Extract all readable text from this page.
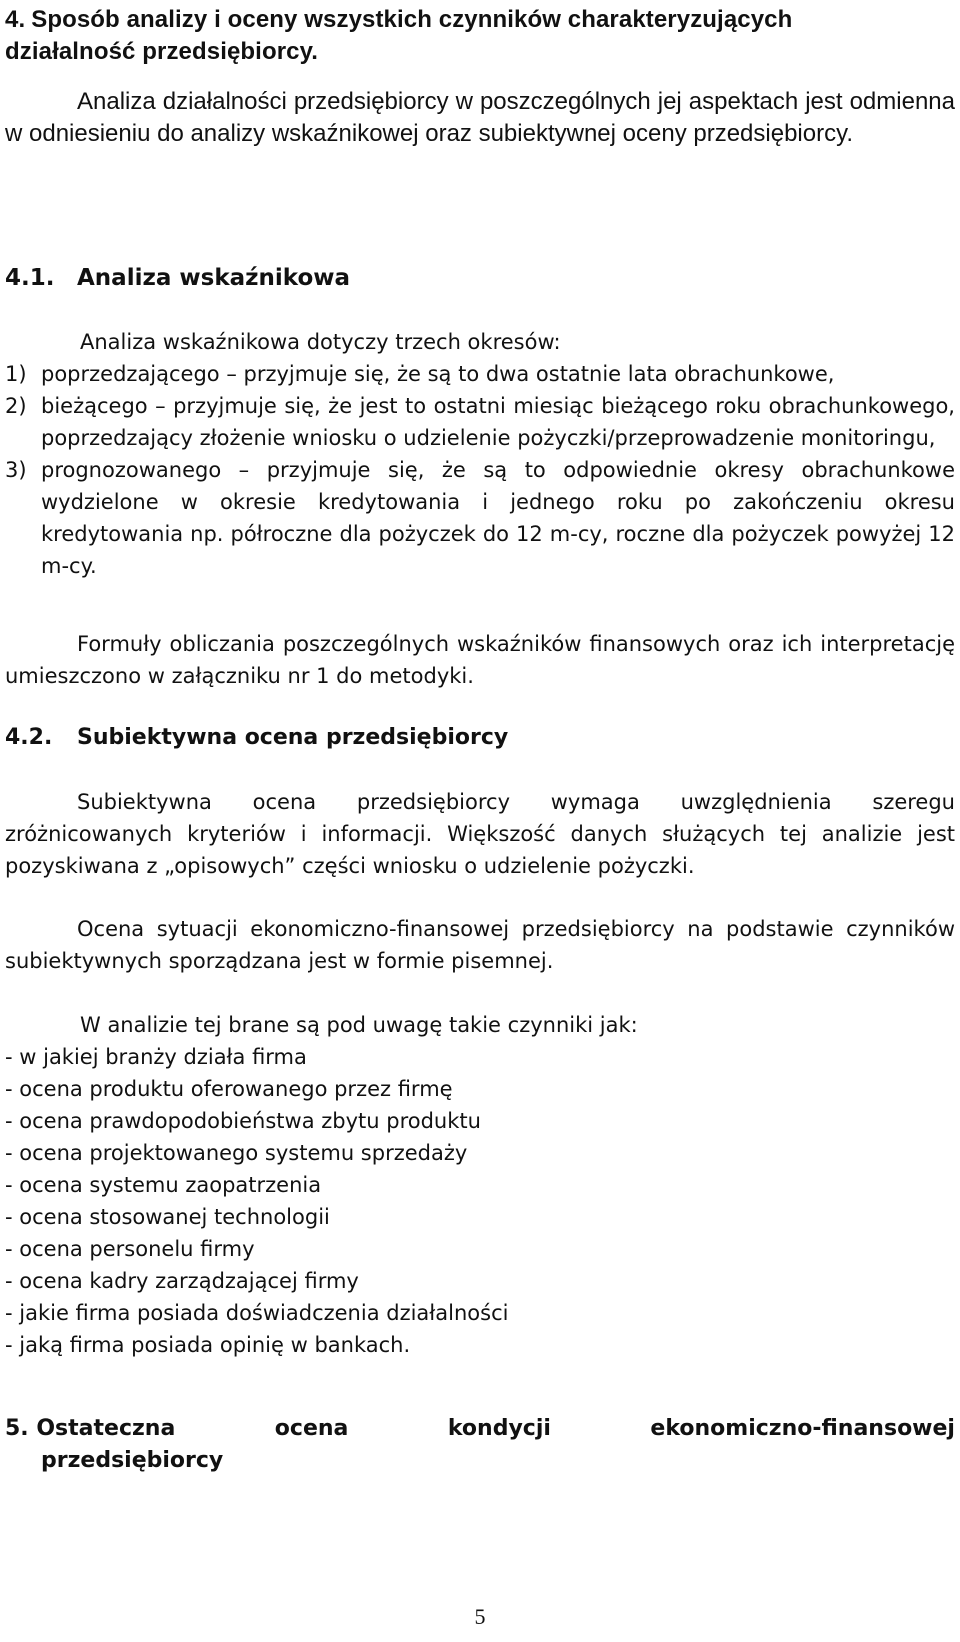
4. Sposób analizy i oceny wszystkich czynników charakteryzujących
działalność przedsiębiorcy.

Analiza działalności przedsiębiorcy w poszczególnych jej aspektach jest odmienna w odniesieniu do analizy wskaźnikowej oraz subiektywnej oceny przedsiębiorcy.

4.1. Analiza wskaźnikowa
Analiza wskaźnikowa dotyczy trzech okresów:
1) poprzedzającego – przyjmuje się, że są to dwa ostatnie lata obrachunkowe,
2) bieżącego – przyjmuje się, że jest to ostatni miesiąc bieżącego roku obrachunkowego, poprzedzający złożenie wniosku o udzielenie pożyczki/przeprowadzenie monitoringu,
3) prognozowanego – przyjmuje się, że są to odpowiednie okresy obrachunkowe wydzielone w okresie kredytowania i jednego roku po zakończeniu okresu kredytowania np. półroczne dla pożyczek do 12 m-cy, roczne dla pożyczek powyżej 12 m-cy.

Formuły obliczania poszczególnych wskaźników finansowych oraz ich interpretację umieszczono w załączniku nr 1 do metodyki.

4.2. Subiektywna ocena przedsiębiorcy

Subiektywna ocena przedsiębiorcy wymaga uwzględnienia szeregu zróżnicowanych kryteriów i informacji. Większość danych służących tej analizie jest pozyskiwana z „opisowych” części wniosku o udzielenie pożyczki.

Ocena sytuacji ekonomiczno-finansowej przedsiębiorcy na podstawie czynników subiektywnych sporządzana jest w formie pisemnej.

W analizie tej brane są pod uwagę takie czynniki jak:
- w jakiej branży działa firma
- ocena produktu oferowanego przez firmę
- ocena prawdopodobieństwa zbytu produktu
- ocena projektowanego systemu sprzedaży
- ocena systemu zaopatrzenia
- ocena stosowanej technologii
- ocena personelu firmy
- ocena kadry zarządzającej firmy
- jakie firma posiada doświadczenia działalności
- jaką firma posiada opinię w bankach.
5. Ostateczna	ocena	kondycji	ekonomiczno-finansowej
przedsiębiorcy
5
